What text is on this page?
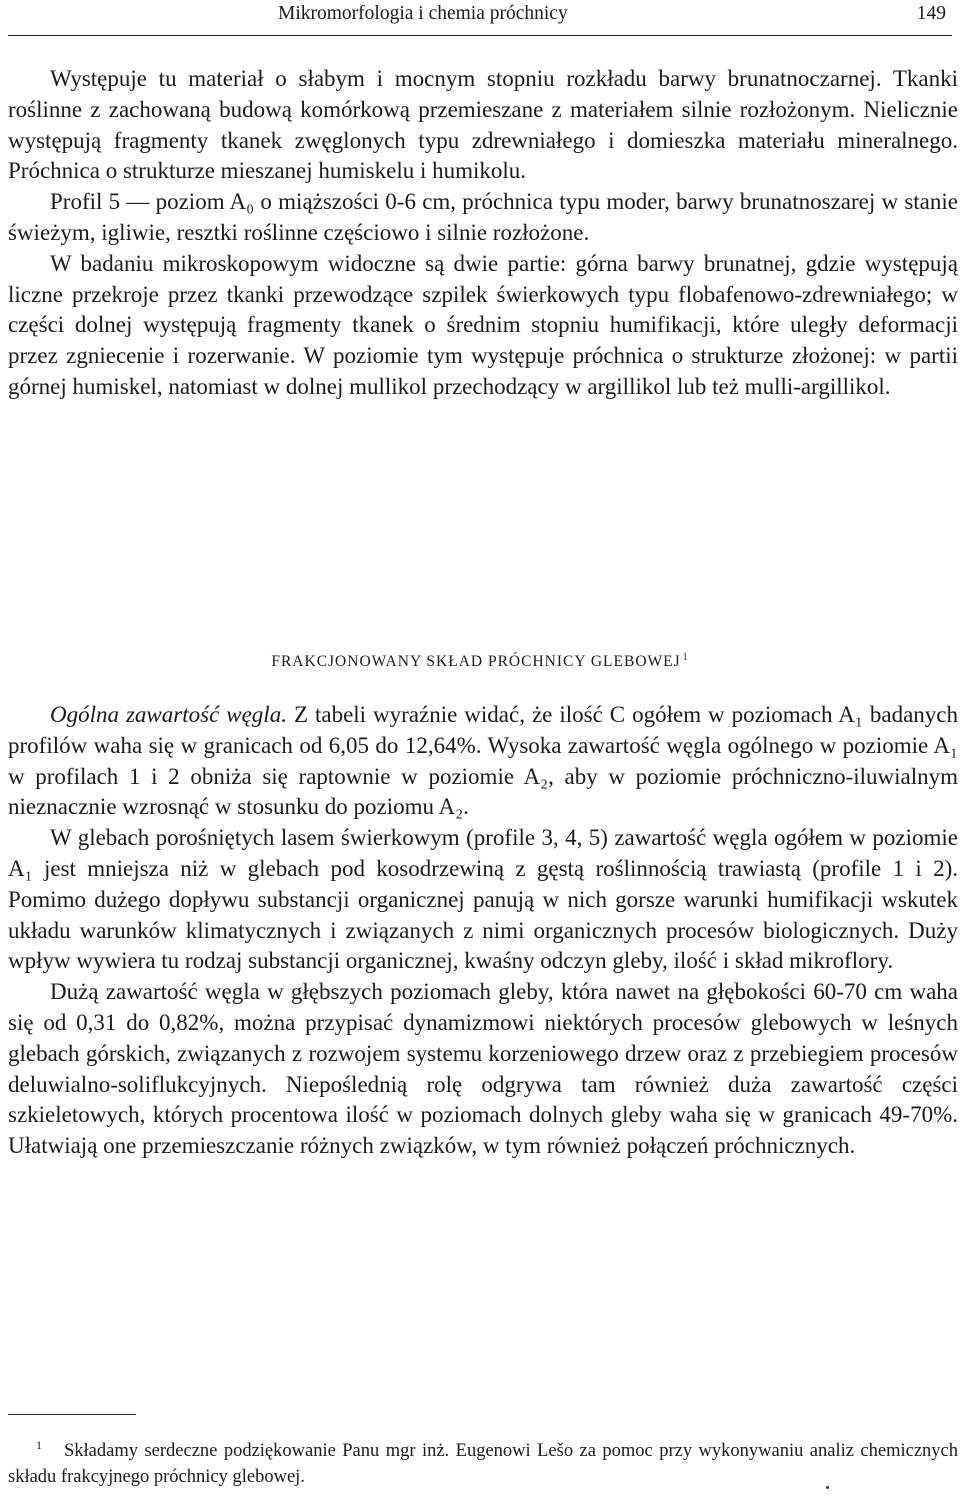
Mikromorfologia i chemia próchnicy	149

Występuje tu materiał o słabym i mocnym stopniu rozkładu barwy brunatnoczarnej. Tkanki roślinne z zachowaną budową komórkową przemieszane z materiałem silnie rozłożonym. Nielicznie występują fragmenty tkanek zwęglonych typu zdrewniałego i domieszka materiału mineralnego. Próchnica o strukturze mieszanej humiskelu i humikolu.

Profil 5 — poziom A₀ o miąższości 0-6 cm, próchnica typu moder, barwy brunatnoszarej w stanie świeżym, igliwie, resztki roślinne częściowo i silnie rozłożone.

W badaniu mikroskopowym widoczne są dwie partie: górna barwy brunatnej, gdzie występują liczne przekroje przez tkanki przewodzące szpilek świerkowych typu flobafenowo-zdrewniałego; w części dolnej występują fragmenty tkanek o średnim stopniu humifikacji, które uległy deformacji przez zgniecenie i rozerwanie. W poziomie tym występuje próchnica o strukturze złożonej: w partii górnej humiskel, natomiast w dolnej mullikol przechodzący w argillikol lub też mulli-argillikol.

FRAKCJONOWANY SKŁAD PRÓCHNICY GLEBOWEJ $^1$

Ogólna zawartość węgla. Z tabeli wyraźnie widać, że ilość C ogółem w poziomach A₁ badanych profilów waha się w granicach od 6,05 do 12,64%. Wysoka zawartość węgla ogólnego w poziomie A₁ w profilach 1 i 2 obniża się raptownie w poziomie A₂, aby w poziomie próchniczno-iluwialnym nieznacznie wzrosnąć w stosunku do poziomu A₂.

W glebach porośniętych lasem świerkowym (profile 3, 4, 5) zawartość węgla ogółem w poziomie A₁ jest mniejsza niż w glebach pod kosodrzewiną z gęstą roślinnością trawiastą (profile 1 i 2). Pomimo dużego dopływu substancji organicznej panują w nich gorsze warunki humifikacji wskutek układu warunków klimatycznych i związanych z nimi organicznych procesów biologicznych. Duży wpływ wywiera tu rodzaj substancji organicznej, kwaśny odczyn gleby, ilość i skład mikroflory.

Dużą zawartość węgla w głębszych poziomach gleby, która nawet na głębokości 60-70 cm waha się od 0,31 do 0,82%, można przypisać dynamizmowi niektórych procesów glebowych w leśnych glebach górskich, związanych z rozwojem systemu korzeniowego drzew oraz z przebiegiem procesów deluwialno-soliflukcyjnych. Niepoślednią rolę odgrywa tam również duża zawartość części szkieletowych, których procentowa ilość w poziomach dolnych gleby waha się w granicach 49-70%. Ułatwiają one przemieszczanie różnych związków, w tym również połączeń próchnicznych.

$^1$ Składamy serdeczne podziękowanie Panu mgr inż. Eugenowi Lešo za pomoc przy wykonywaniu analiz chemicznych składu frakcyjnego próchnicy glebowej.
